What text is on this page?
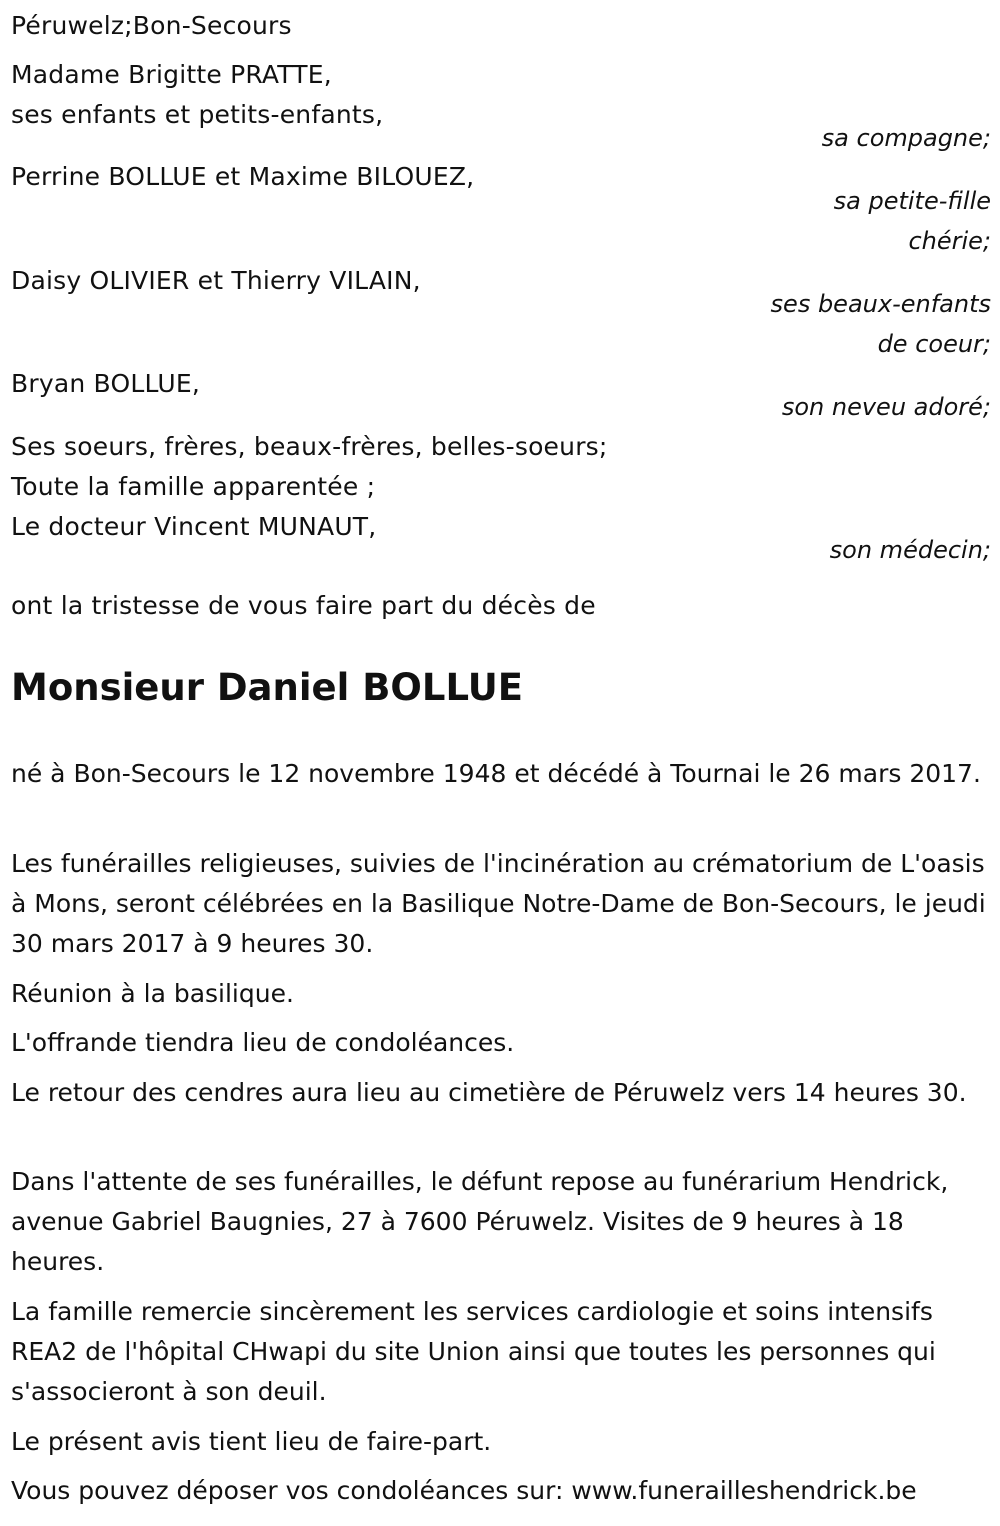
Péruwelz;Bon-Secours
Madame Brigitte PRATTE,
ses enfants et petits-enfants,
sa compagne;
Perrine BOLLUE et Maxime BILOUEZ,
sa petite-fille
chérie;
Daisy OLIVIER et Thierry VILAIN,
ses beaux-enfants
de coeur;
Bryan BOLLUE,
son neveu adoré;
Ses soeurs, frères, beaux-frères, belles-soeurs;
Toute la famille apparentée ;
Le docteur Vincent MUNAUT,
son médecin;
ont la tristesse de vous faire part du décès de
Monsieur Daniel BOLLUE
né à Bon-Secours le 12 novembre 1948 et décédé à Tournai le 26 mars 2017.
Les funérailles religieuses, suivies de l'incinération au crématorium de L'oasis à Mons, seront célébrées en la Basilique Notre-Dame de Bon-Secours, le jeudi 30 mars 2017 à 9 heures 30.
Réunion à la basilique.
L'offrande tiendra lieu de condoléances.
Le retour des cendres aura lieu au cimetière de Péruwelz vers 14 heures 30.
Dans l'attente de ses funérailles, le défunt repose au funérarium Hendrick, avenue Gabriel Baugnies, 27 à 7600 Péruwelz. Visites de 9 heures à 18 heures.
La famille remercie sincèrement les services cardiologie et soins intensifs REA2 de l'hôpital CHwapi du site Union ainsi que toutes les personnes qui s'associeront à son deuil.
Le présent avis tient lieu de faire-part.
Vous pouvez déposer vos condoléances sur: www.funerailleshendrick.be
